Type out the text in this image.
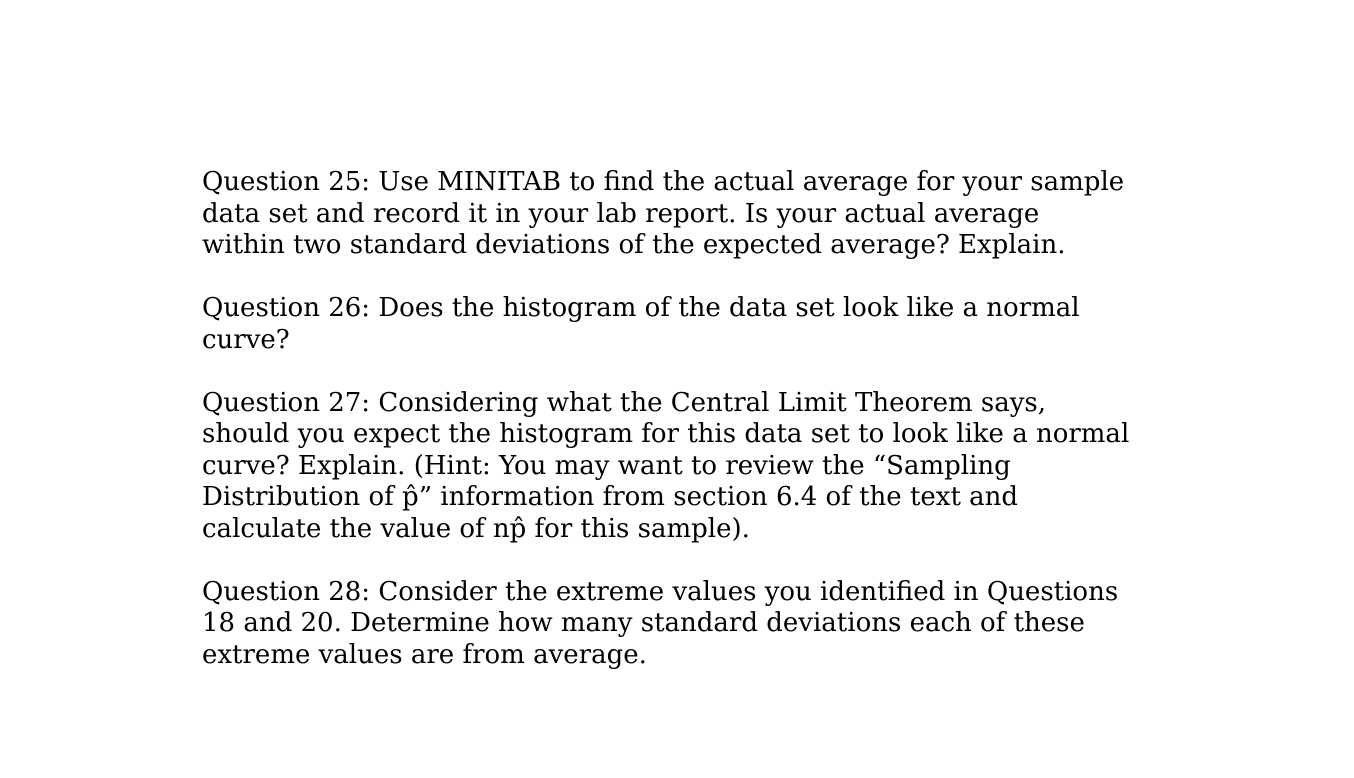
Question 25: Use MINITAB to find the actual average for your sample
data set and record it in your lab report. Is your actual average
within two standard deviations of the expected average? Explain.
Question 26: Does the histogram of the data set look like a normal
curve?
Question 27: Considering what the Central Limit Theorem says,
should you expect the histogram for this data set to look like a normal
curve? Explain. (Hint: You may want to review the “Sampling
Distribution of p̂” information from section 6.4 of the text and
calculate the value of np̂ for this sample).
Question 28: Consider the extreme values you identified in Questions
18 and 20. Determine how many standard deviations each of these
extreme values are from average.
